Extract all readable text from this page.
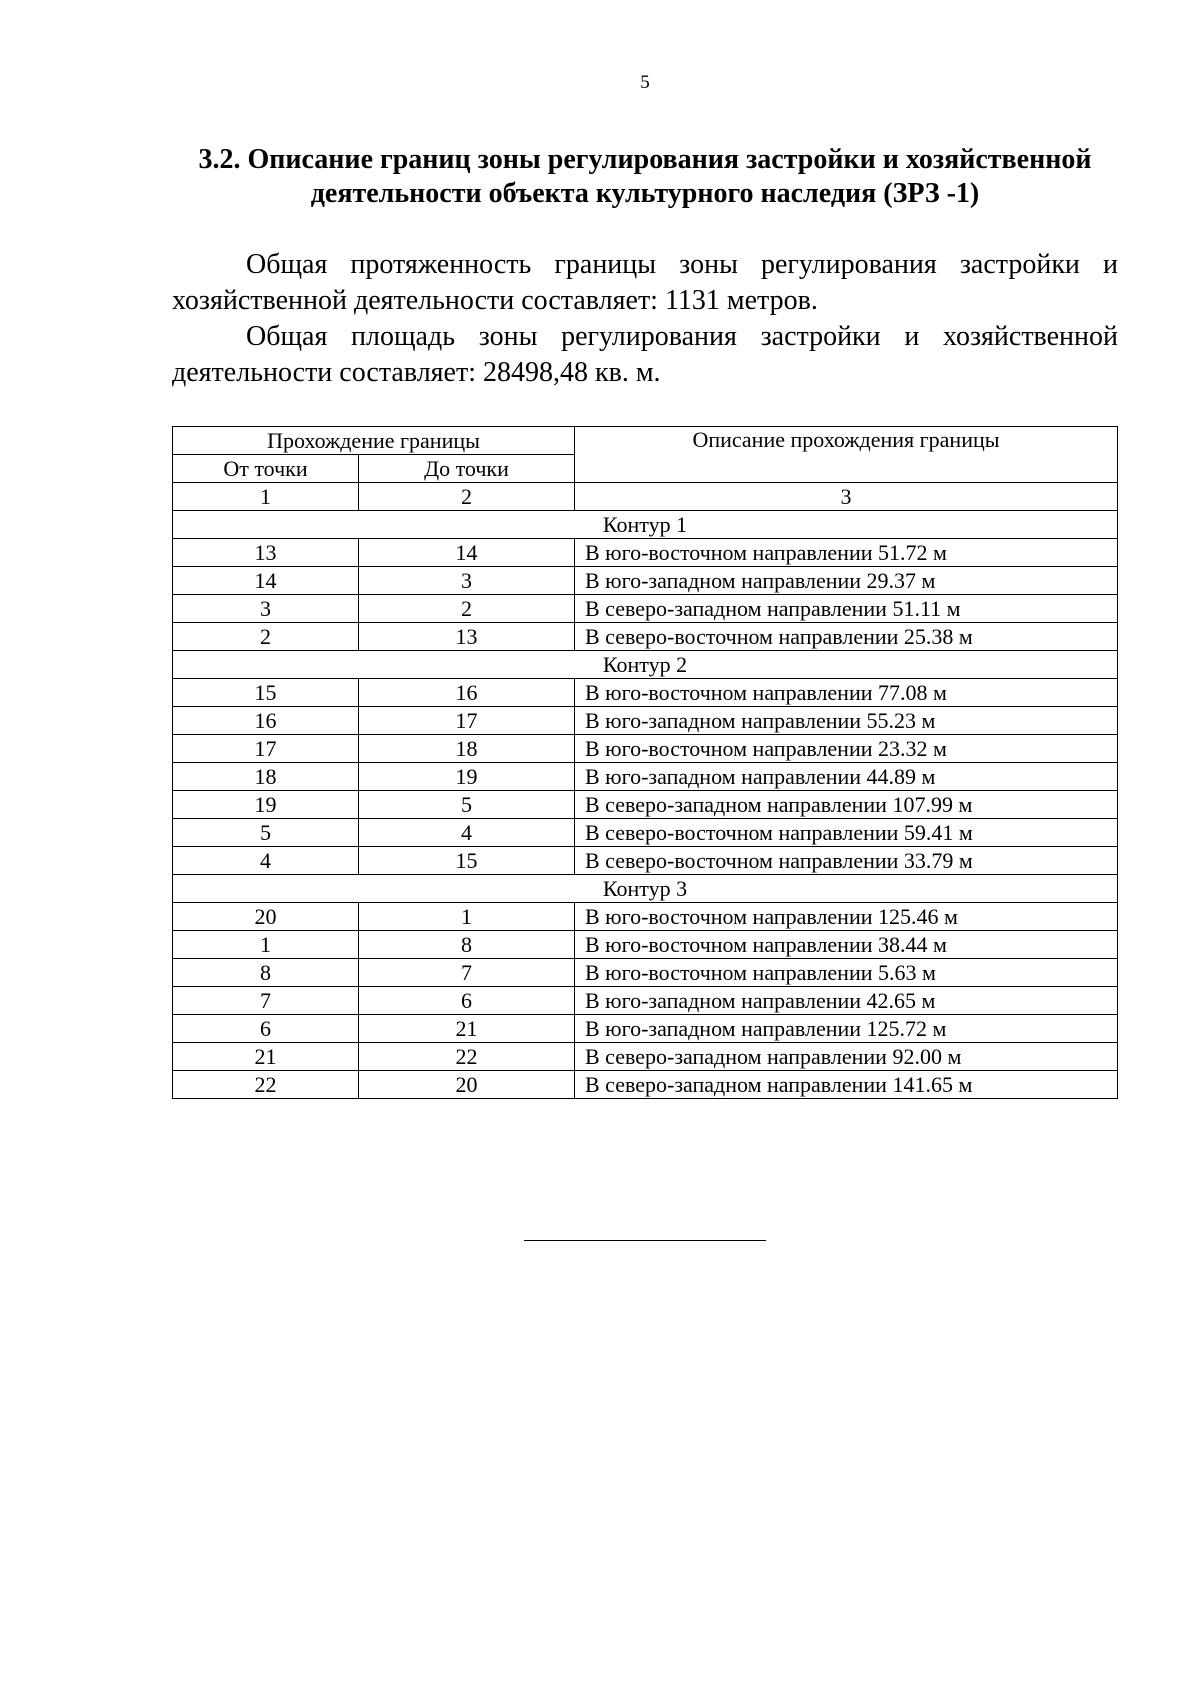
5
3.2. Описание границ зоны регулирования застройки и хозяйственной
деятельности объекта культурного наследия (ЗРЗ -1)

Общая протяженность границы зоны регулирования застройки и хозяйственной деятельности составляет: 1131 метров.

Общая площадь зоны регулирования застройки и хозяйственной деятельности составляет: 28498,48 кв. м.

Прохождение границы		Описание прохождения границы
От точки	До точки	
1	2	3
Контур 1		
13	14	В юго-восточном направлении 51.72 м
14	3	В юго-западном направлении 29.37 м
3	2	В северо-западном направлении 51.11 м
2	13	В северо-восточном направлении 25.38 м
Контур 2		
15	16	В юго-восточном направлении 77.08 м
16	17	В юго-западном направлении 55.23 м
17	18	В юго-восточном направлении 23.32 м
18	19	В юго-западном направлении 44.89 м
19	5	В северо-западном направлении 107.99 м
5	4	В северо-восточном направлении 59.41 м
4	15	В северо-восточном направлении 33.79 м
Контур 3		
20	1	В юго-восточном направлении 125.46 м
1	8	В юго-восточном направлении 38.44 м
8	7	В юго-восточном направлении 5.63 м
7	6	В юго-западном направлении 42.65 м
6	21	В юго-западном направлении 125.72 м
21	22	В северо-западном направлении 92.00 м
22	20	В северо-западном направлении 141.65 м
